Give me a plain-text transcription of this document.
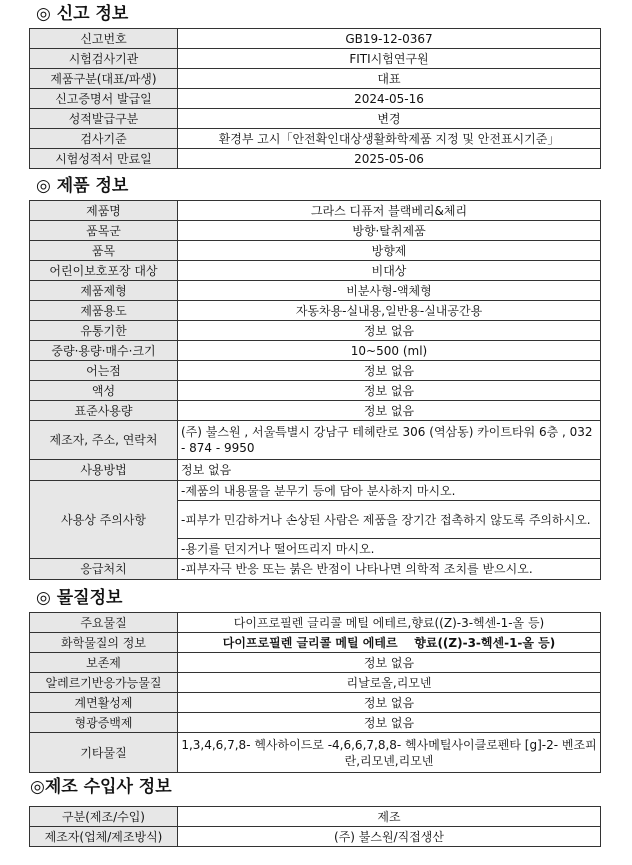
◎ 신고 정보
신고번호	GB19-12-0367
시험검사기관	FITI시험연구원
제품구분(대표/파생)	대표
신고증명서 발급일	2024-05-16
성적발급구분	변경
검사기준	환경부 고시「안전확인대상생활화학제품 지정 및 안전표시기준」
시험성적서 만료일	2025-05-06
◎ 제품 정보
제품명	그라스 디퓨저 블랙베리&체리
품목군	방향·탈취제품
품목	방향제
어린이보호포장 대상	비대상
제품제형	비분사형-액체형
제품용도	자동차용-실내용,일반용-실내공간용
유통기한	정보 없음
중량·용량·매수·크기	10~500 (ml)
어는점	정보 없음
액성	정보 없음
표준사용량	정보 없음
제조자, 주소, 연락처	(주) 불스원 , 서울특별시 강남구 테헤란로 306 (역삼동) 카이트타워 6층 , 032 - 874 - 9950
사용방법	정보 없음
사용상 주의사항	-제품의 내용물을 분무기 등에 담아 분사하지 마시오.
	-피부가 민감하거나 손상된 사람은 제품을 장기간 접촉하지 않도록 주의하시오.
	-용기를 던지거나 떨어뜨리지 마시오.
응급처치	-피부자극 반응 또는 붉은 반점이 나타나면 의학적 조치를 받으시오.
◎ 물질정보
주요물질	다이프로필렌 글리콜 메틸 에테르,향료((Z)-3-헥센-1-올 등)
화학물질의 정보	다이프로필렌 글리콜 메틸 에테르    향료((Z)-3-헥센-1-올 등)
보존제	정보 없음
알레르기반응가능물질	리날로올,리모넨
계면활성제	정보 없음
형광증백제	정보 없음
기타물질	1,3,4,6,7,8- 헥사하이드로 -4,6,6,7,8,8- 헥사메틸사이클로펜타 [g]-2- 벤조피란,리모넨,리모넨
◎제조 수입사 정보
구분(제조/수입)	제조
제조자(업체/제조방식)	(주) 불스원/직접생산
